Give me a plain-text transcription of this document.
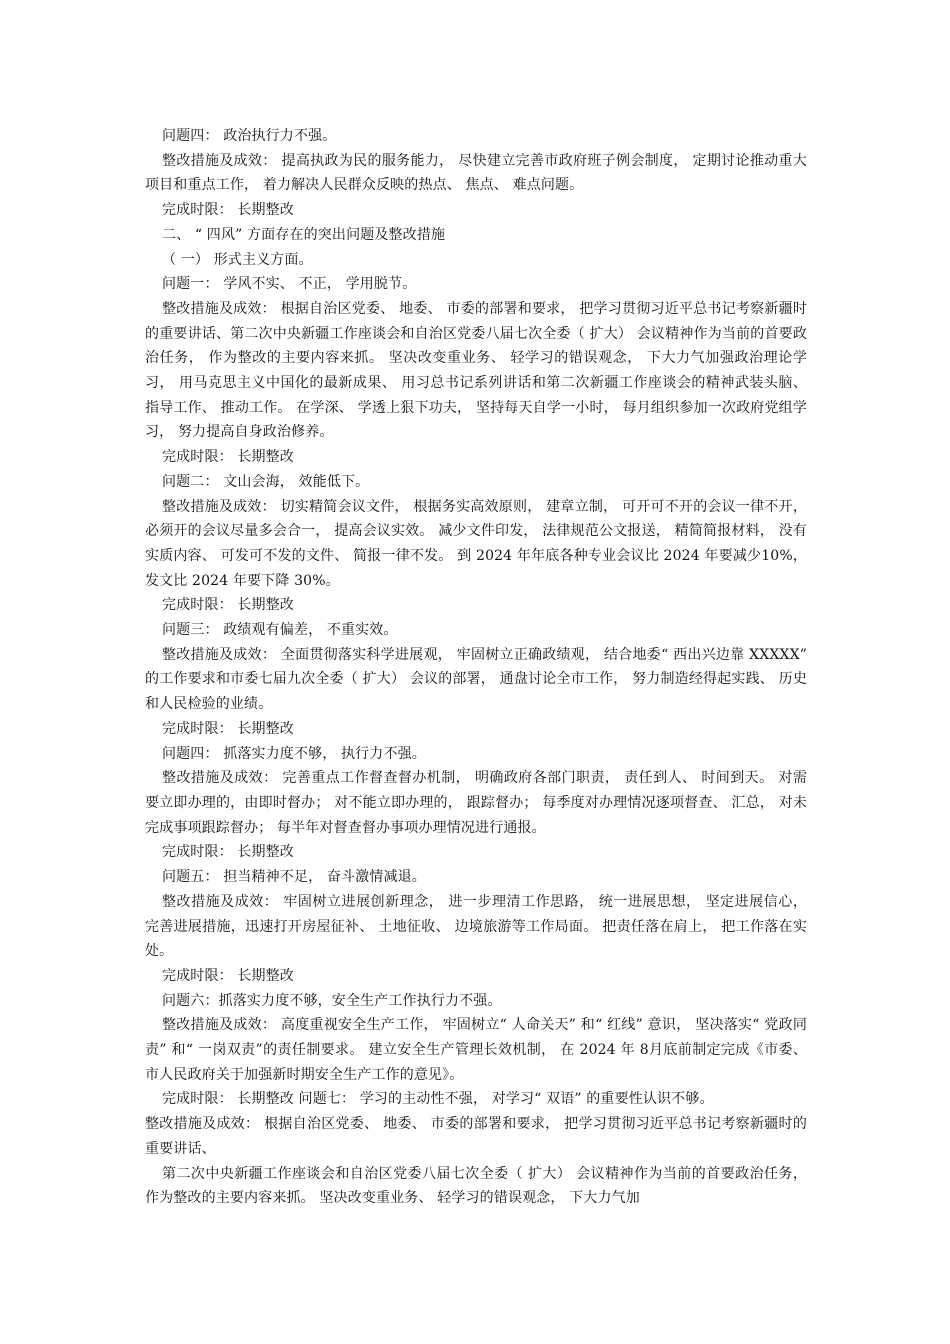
问题四： 政治执行力不强。

整改措施及成效： 提高执政为民的服务能力， 尽快建立完善市政府班子例会制度， 定期讨论推动重大项目和重点工作， 着力解决人民群众反映的热点、 焦点、 难点问题。

完成时限： 长期整改

二、 “ 四风” 方面存在的突出问题及整改措施

（ 一） 形式主义方面。

问题一： 学风不实、 不正， 学用脱节。

整改措施及成效： 根据自治区党委、 地委、 市委的部署和要求， 把学习贯彻习近平总书记考察新疆时的重要讲话、第二次中央新疆工作座谈会和自治区党委八届七次全委（ 扩大） 会议精神作为当前的首要政治任务， 作为整改的主要内容来抓。 坚决改变重业务、 轻学习的错误观念， 下大力气加强政治理论学习， 用马克思主义中国化的最新成果、 用习总书记系列讲话和第二次新疆工作座谈会的精神武装头脑、 指导工作、 推动工作。 在学深、 学透上狠下功夫， 坚持每天自学一小时， 每月组织参加一次政府党组学习， 努力提高自身政治修养。

完成时限： 长期整改

问题二： 文山会海， 效能低下。

整改措施及成效： 切实精简会议文件， 根据务实高效原则， 建章立制， 可开可不开的会议一律不开， 必须开的会议尽量多会合一， 提高会议实效。 减少文件印发， 法律规范公文报送， 精简简报材料， 没有实质内容、 可发可不发的文件、 简报一律不发。 到 2024 年年底各种专业会议比 2024 年要减少10%， 发文比 2024 年要下降 30%。

完成时限： 长期整改

问题三： 政绩观有偏差， 不重实效。

整改措施及成效： 全面贯彻落实科学进展观， 牢固树立正确政绩观， 结合地委“ 西出兴边靠 XXXXX” 的工作要求和市委七届九次全委（ 扩大） 会议的部署， 通盘讨论全市工作， 努力制造经得起实践、 历史和人民检验的业绩。

完成时限： 长期整改

问题四： 抓落实力度不够， 执行力不强。

整改措施及成效： 完善重点工作督查督办机制， 明确政府各部门职责， 责任到人、 时间到天。 对需要立即办理的，由即时督办； 对不能立即办理的， 跟踪督办； 每季度对办理情况逐项督查、 汇总， 对未完成事项跟踪督办； 每半年对督查督办事项办理情况进行通报。

完成时限： 长期整改

问题五： 担当精神不足， 奋斗激情减退。

整改措施及成效： 牢固树立进展创新理念， 进一步理清工作思路， 统一进展思想， 坚定进展信心， 完善进展措施，迅速打开房屋征补、 土地征收、 边境旅游等工作局面。 把责任落在肩上， 把工作落在实处。

完成时限： 长期整改

问题六：抓落实力度不够，安全生产工作执行力不强。

整改措施及成效： 高度重视安全生产工作， 牢固树立“ 人命关天” 和“ 红线” 意识， 坚决落实“ 党政同责” 和“ 一岗双责”的责任制要求。 建立安全生产管理长效机制， 在 2024 年 8月底前制定完成《市委、 市人民政府关于加强新时期安全生产工作的意见》。

完成时限： 长期整改 问题七： 学习的主动性不强， 对学习“ 双语” 的重要性认识不够。

整改措施及成效： 根据自治区党委、 地委、 市委的部署和要求， 把学习贯彻习近平总书记考察新疆时的重要讲话、

第二次中央新疆工作座谈会和自治区党委八届七次全委（ 扩大） 会议精神作为当前的首要政治任务， 作为整改的主要内容来抓。 坚决改变重业务、 轻学习的错误观念， 下大力气加
